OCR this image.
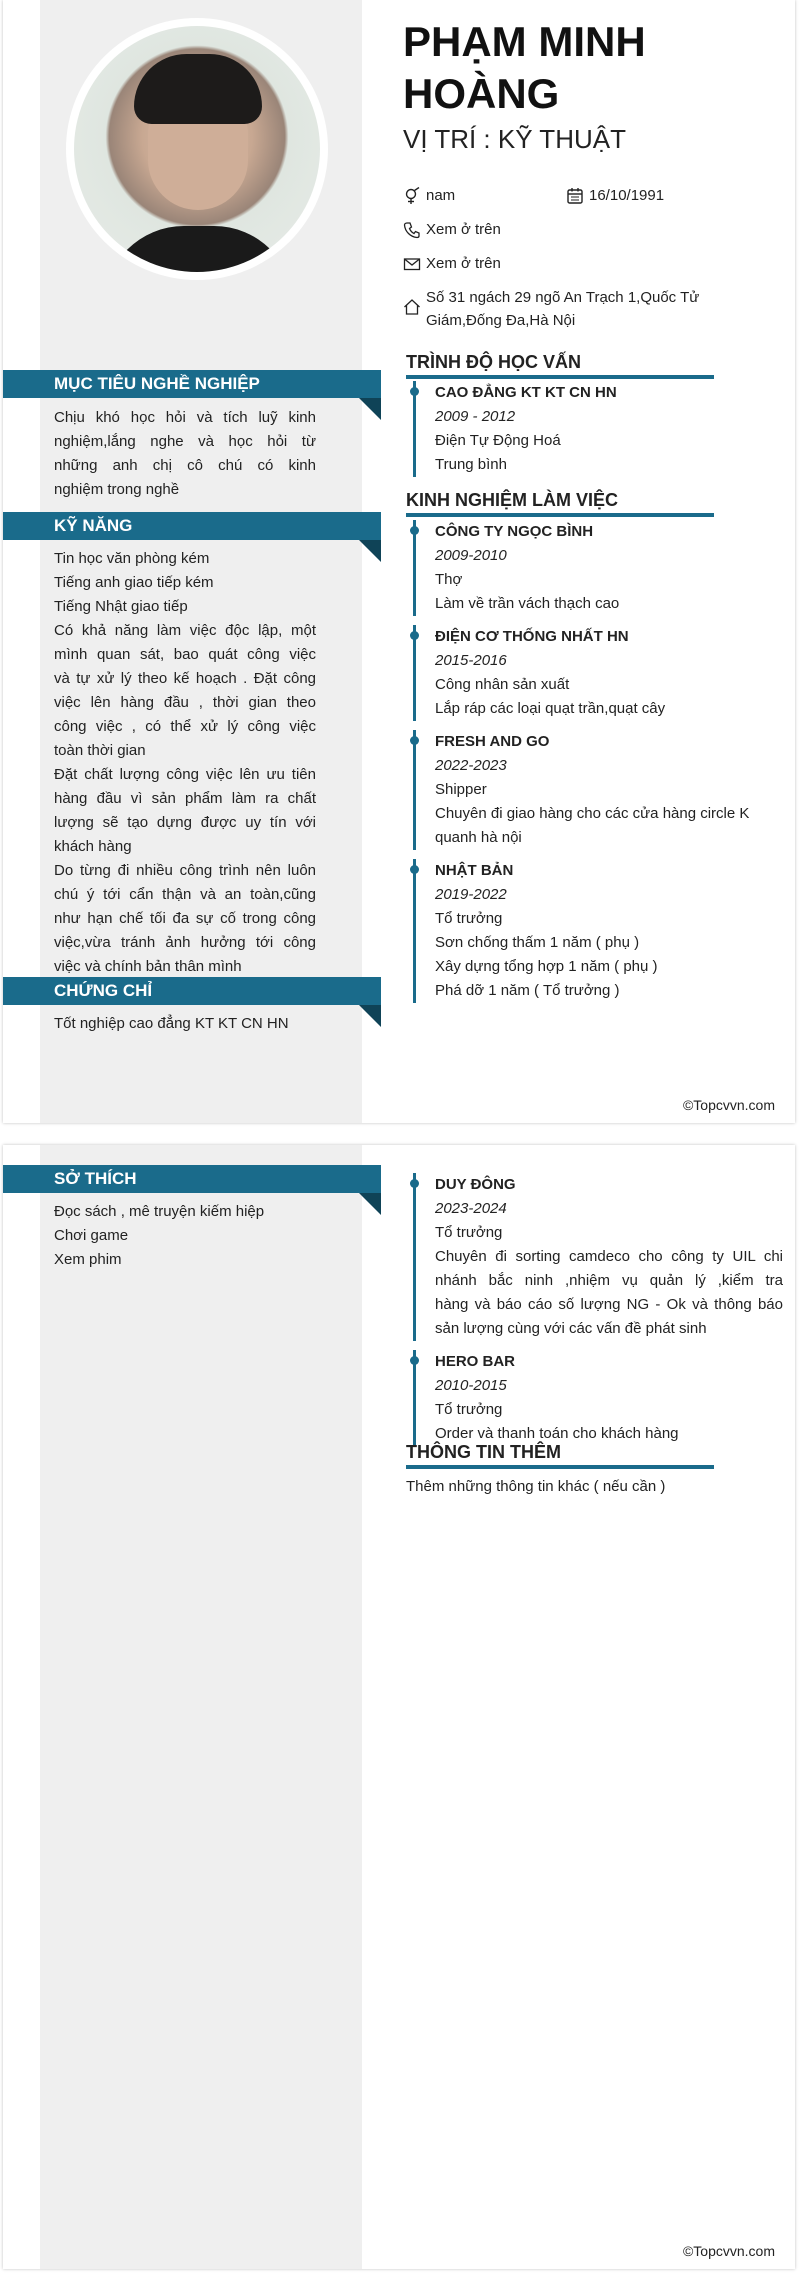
MỤC TIÊU NGHỀ NGHIỆP

Chịu khó học hỏi và tích luỹ kinh

nghiệm,lắng nghe và học hỏi từ

những anh chị cô chú có kinh

nghiệm trong nghề

KỸ NĂNG

Tin học văn phòng kém

Tiếng anh giao tiếp kém

Tiếng Nhật giao tiếp

Có khả năng làm việc độc lập, một

mình quan sát, bao quát công việc

và tự xử lý theo kế hoạch . Đặt công

việc lên hàng đầu , thời gian theo

công việc , có thể xử lý công việc

toàn thời gian

Đặt chất lượng công việc lên ưu tiên

hàng đầu vì sản phẩm làm ra chất

lượng sẽ tạo dựng được uy tín với

khách hàng

Do từng đi nhiều công trình nên luôn

chú ý tới cẩn thận và an toàn,cũng

như hạn chế tối đa sự cố trong công

việc,vừa tránh ảnh hưởng tới công

việc và chính bản thân mình

CHỨNG CHỈ

Tốt nghiệp cao đẳng KT KT CN HN

PHẠM MINH
HOÀNG
VỊ TRÍ : KỸ THUẬT
nam	16/10/1991
Xem ở trên
Xem ở trên
Số 31 ngách 29 ngõ An Trạch 1,Quốc Tử
Giám,Đống Đa,Hà Nội
TRÌNH ĐỘ HỌC VẤN
CAO ĐẲNG KT KT CN HN
2009 - 2012
Điện Tự Động Hoá
Trung bình
KINH NGHIỆM LÀM VIỆC
CÔNG TY NGỌC BÌNH
2009-2010
Thợ
Làm về trần vách thạch cao
ĐIỆN CƠ THỐNG NHẤT HN
2015-2016
Công nhân sản xuất
Lắp ráp các loại quạt trần,quạt cây
FRESH AND GO
2022-2023
Shipper
Chuyên đi giao hàng cho các cửa hàng circle K
quanh hà nội
NHẬT BẢN
2019-2022
Tổ trưởng
Sơn chống thấm 1 năm ( phụ )
Xây dựng tổng hợp 1 năm ( phụ )
Phá dỡ 1 năm ( Tổ trưởng )
©Topcvvn.com
SỞ THÍCH

Đọc sách , mê truyện kiếm hiệp

Chơi game

Xem phim

DUY ĐÔNG
2023-2024
Tổ trưởng
Chuyên đi sorting camdeco cho công ty UIL chi
nhánh bắc ninh ,nhiệm vụ quản lý ,kiểm tra
hàng và báo cáo số lượng NG - Ok và thông báo
sản lượng cùng với các vấn đề phát sinh
HERO BAR
2010-2015
Tổ trưởng
Order và thanh toán cho khách hàng
THÔNG TIN THÊM
Thêm những thông tin khác ( nếu cần )
©Topcvvn.com
